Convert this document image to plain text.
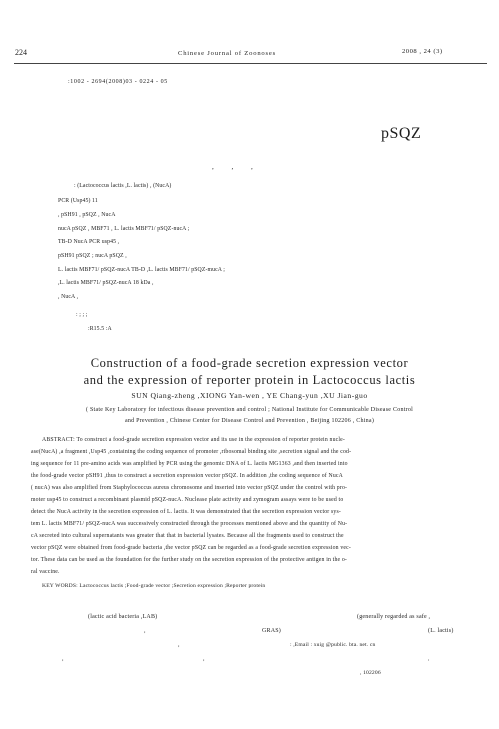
224	Chinese Journal of Zoonoses	2008 , 24 (3)
:1002 - 2694(2008)03 - 0224 - 05
pSQZ
, , ,
: (Lactococcus lactis ,L. lactis) , (NucA)
PCR (Usp45) 11
, pSH91 , pSQZ , NucA
nucA pSQZ , MBF71 , L. lactis MBF71/ pSQZ-nucA ;
TB-D NucA PCR usp45 ,
pSH91 pSQZ ; nucA pSQZ ,
L. lactis MBF71/ pSQZ-nucA TB-D ,L. lactis MBF71/ pSQZ-mucA ;
,L. lactis MBF71/ pSQZ-nucA 18 kDa ,
, NucA ,
: ; ; ;
:R15.5 :A
Construction of a food-grade secretion expression vector
and the expression of reporter protein in Lactococcus lactis
SUN Qiang-zheng ,XIONG Yan-wen , YE Chang-yun ,XU Jian-guo
( State Key Laboratory for infectious disease prevention and control ; National Institute for Communicable Disease Control
and Prevention , Chinese Center for Disease Control and Prevention , Beijing 102206 , China)
ABSTRACT: To construct a food-grade secretion expression vector and its use in the expression of reporter protein nucle-
ase(NucA) ,a fragment ,Usp45 ,containing the coding sequence of promoter ,ribosomal binding site ,secretion signal and the cod-
ing sequence for 11 pre-amino acids was amplified by PCR using the genomic DNA of L. lactis MG1363 ,and then inserted into
the food-grade vector pSH91 ,thus to construct a secretion expression vector pSQZ. In addition ,the coding sequence of NucA
( nucA) was also amplified from Staphylococcus aureus chromosome and inserted into vector pSQZ under the control with pro-
moter usp45 to construct a recombinant plasmid pSQZ-nucA. Nuclease plate activity and zymogram assays were to be used to
detect the NucA activity in the secretion expression of L. lactis. It was demonstrated that the secretion expression vector sys-
tem L. lactis MBF71/ pSQZ-nucA was successively constructed through the processes mentioned above and the quantity of Nu-
cA secreted into cultural supernatants was greater that that in bacterial lysates. Because all the fragments used to construct the
vector pSQZ were obtained from food-grade bacteria ,the vector pSQZ can be regarded as a food-grade secretion expression vec-
tor. These data can be used as the foundation for the further study on the secretion expression of the protective antigen in the o-
ral vaccine.
KEY WORDS: Lactococcus lactis ;Food-grade vector ;Secretion expression ;Reporter protein
(lactic acid bacteria ,LAB)	(generally regarded as safe ,
,	GRAS)	(L. lactis)
,
,	,
: ,Email : xuig @public. bta. net. cn
,
, 102206
